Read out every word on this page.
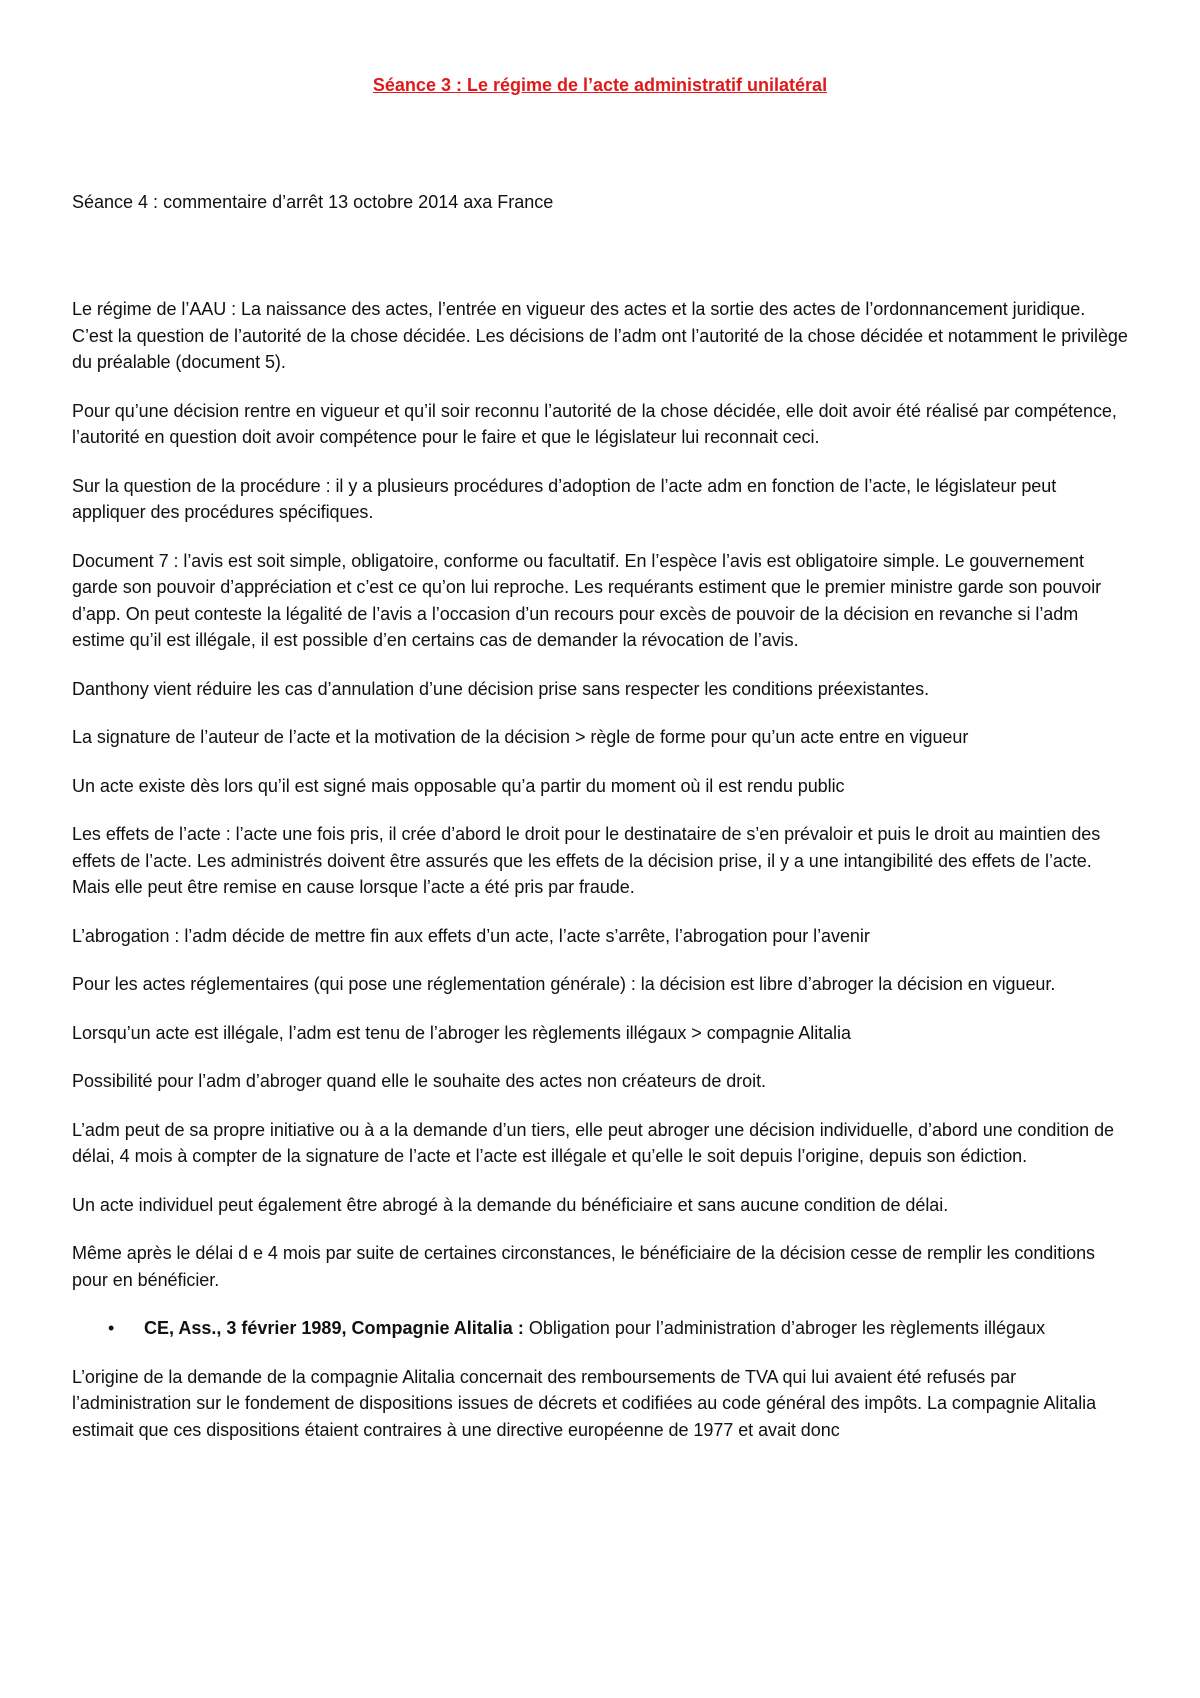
Séance 3 : Le régime de l’acte administratif unilatéral
Séance 4 : commentaire d’arrêt 13 octobre 2014 axa France

Le régime de l’AAU : La naissance des actes, l’entrée en vigueur des actes et la sortie des actes de l’ordonnancement juridique. C’est la question de l’autorité de la chose décidée. Les décisions de l’adm ont l’autorité de la chose décidée et notamment le privilège du préalable (document 5).

Pour qu’une décision rentre en vigueur et qu’il soir reconnu l’autorité de la chose décidée, elle doit avoir été réalisé par compétence, l’autorité en question doit avoir compétence pour le faire et que le législateur lui reconnait ceci.

Sur la question de la procédure : il y a plusieurs procédures d’adoption de l’acte adm en fonction de l’acte, le législateur peut appliquer des procédures spécifiques.

Document 7 : l’avis est soit simple, obligatoire, conforme ou facultatif. En l’espèce l’avis est obligatoire simple. Le gouvernement garde son pouvoir d’appréciation et c’est ce qu’on lui reproche. Les requérants estiment que le premier ministre garde son pouvoir d’app. On peut conteste la légalité de l’avis a l’occasion d’un recours pour excès de pouvoir de la décision en revanche si l’adm estime qu’il est illégale, il est possible d’en certains cas de demander la révocation de l’avis.

Danthony vient réduire les cas d’annulation d’une décision prise sans respecter les conditions préexistantes.

La signature de l’auteur de l’acte et la motivation de la décision > règle de forme pour qu’un acte entre en vigueur

Un acte existe dès lors qu’il est signé mais opposable qu’a partir du moment où il est rendu public

Les effets de l’acte : l’acte une fois pris, il crée d’abord le droit pour le destinataire de s’en prévaloir et puis le droit au maintien des effets de l’acte. Les administrés doivent être assurés que les effets de la décision prise, il y a une intangibilité des effets de l’acte. Mais elle peut être remise en cause lorsque l’acte a été pris par fraude.

L’abrogation : l’adm décide de mettre fin aux effets d’un acte, l’acte s’arrête, l’abrogation pour l’avenir

Pour les actes réglementaires (qui pose une réglementation générale) : la décision est libre d’abroger la décision en vigueur.

Lorsqu’un acte est illégale, l’adm est tenu de l’abroger les règlements illégaux > compagnie Alitalia

Possibilité pour l’adm d’abroger quand elle le souhaite des actes non créateurs de droit.

L’adm peut de sa propre initiative ou à a la demande d’un tiers, elle peut abroger une décision individuelle, d’abord une condition de délai, 4 mois à compter de la signature de l’acte et l’acte est illégale et qu’elle le soit depuis l’origine, depuis son édiction.

Un acte individuel peut également être abrogé à la demande du bénéficiaire et sans aucune condition de délai.

Même après le délai d e 4 mois par suite de certaines circonstances, le bénéficiaire de la décision cesse de remplir les conditions pour en bénéficier.

•	CE, Ass., 3 février 1989, Compagnie Alitalia : Obligation pour l’administration d’abroger les règlements illégaux

L’origine de la demande de la compagnie Alitalia concernait des remboursements de TVA qui lui avaient été refusés par l’administration sur le fondement de dispositions issues de décrets et codifiées au code général des impôts. La compagnie Alitalia estimait que ces dispositions étaient contraires à une directive européenne de 1977 et avait donc
